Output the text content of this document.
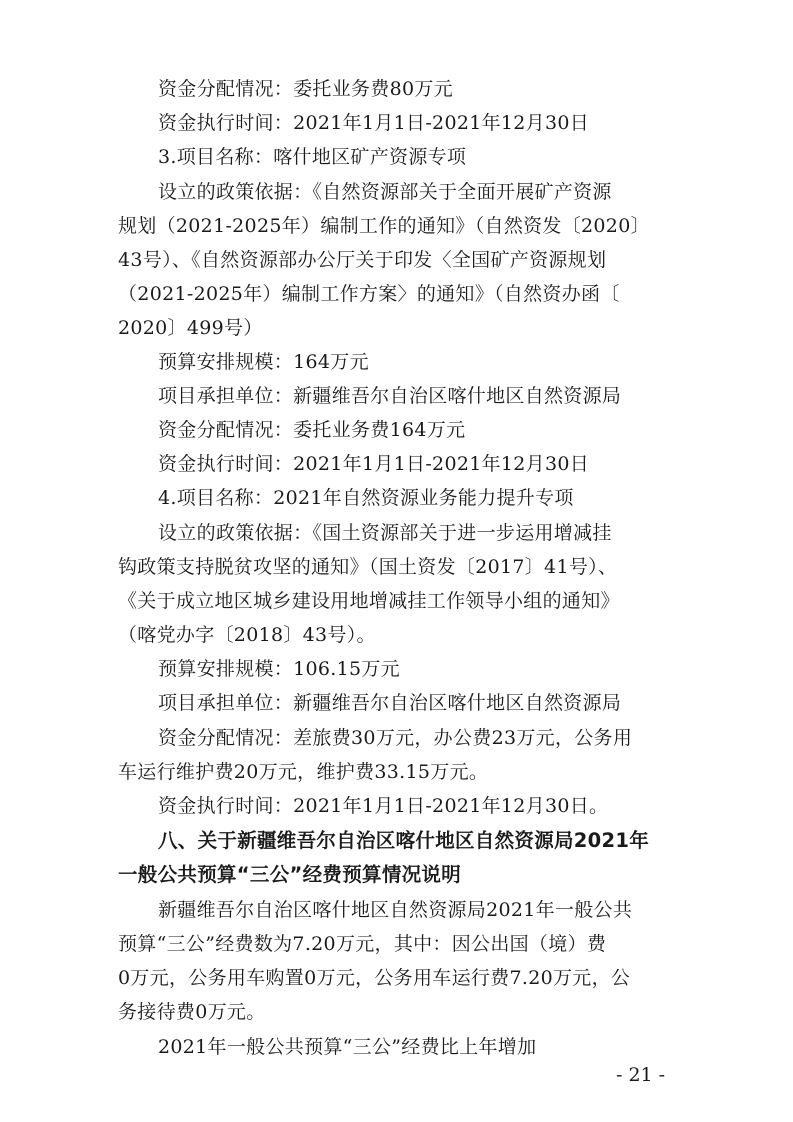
资金分配情况：委托业务费80万元
资金执行时间：2021年1月1日-2021年12月30日
3.项目名称：喀什地区矿产资源专项
设立的政策依据：《自然资源部关于全面开展矿产资源
规划（2021-2025年）编制工作的通知》（自然资发〔2020〕
43号）、《自然资源部办公厅关于印发〈全国矿产资源规划
（2021-2025年）编制工作方案〉的通知》（自然资办函〔
2020〕499号）
预算安排规模：164万元
项目承担单位：新疆维吾尔自治区喀什地区自然资源局
资金分配情况：委托业务费164万元
资金执行时间：2021年1月1日-2021年12月30日
4.项目名称：2021年自然资源业务能力提升专项
设立的政策依据：《国土资源部关于进一步运用增减挂
钩政策支持脱贫攻坚的通知》（国土资发〔2017〕41号）、
《关于成立地区城乡建设用地增减挂工作领导小组的通知》
（喀党办字〔2018〕43号）。
预算安排规模：106.15万元
项目承担单位：新疆维吾尔自治区喀什地区自然资源局
资金分配情况：差旅费30万元，办公费23万元，公务用
车运行维护费20万元，维护费33.15万元。
资金执行时间：2021年1月1日-2021年12月30日。
八、关于新疆维吾尔自治区喀什地区自然资源局2021年
一般公共预算“三公”经费预算情况说明
新疆维吾尔自治区喀什地区自然资源局2021年一般公共
预算“三公”经费数为7.20万元，其中：因公出国（境）费
0万元，公务用车购置0万元，公务用车运行费7.20万元，公
务接待费0万元。
2021年一般公共预算“三公”经费比上年增加
- 21 -
